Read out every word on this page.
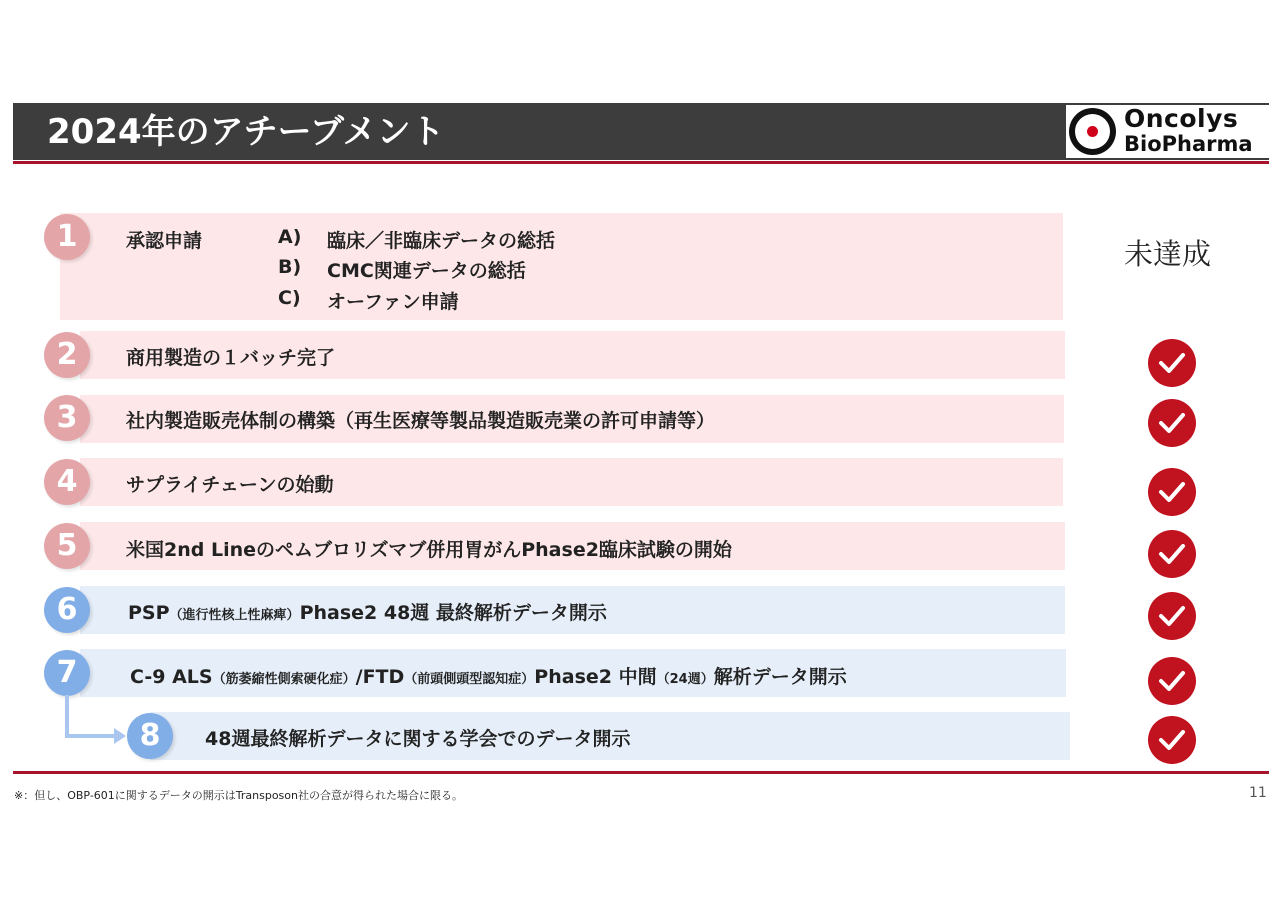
2024年のアチーブメント	Oncolys
BioPharma
1	承認申請	A) 臨床／非臨床データの総括
B) CMC関連データの総括
C) オーファン申請
未達成
2	商用製造の１バッチ完了
3	社内製造販売体制の構築（再生医療等製品製造販売業の許可申請等）
4	サプライチェーンの始動
5	米国2nd Lineのペムブロリズマブ併用胃がんPhase2臨床試験の開始
6	PSP（進行性核上性麻痺）Phase2 48週 最終解析データ開示
7	C-9 ALS（筋萎縮性側索硬化症）/FTD（前頭側頭型認知症）Phase2 中間（24週）解析データ開示
8	48週最終解析データに関する学会でのデータ開示
※：但し、OBP-601に関するデータの開示はTransposon社の合意が得られた場合に限る。	11
